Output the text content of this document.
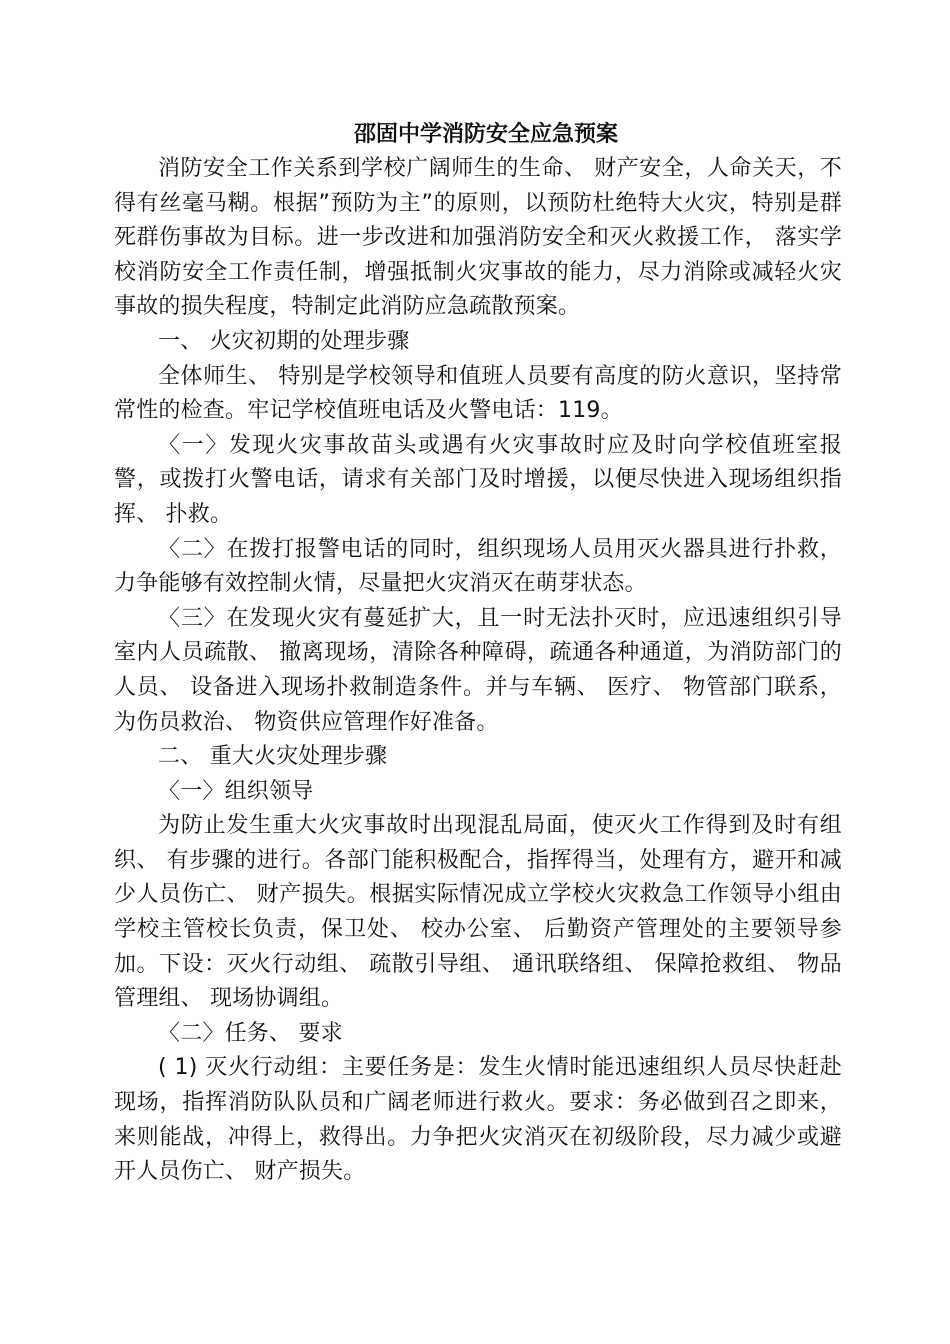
邵固中学消防安全应急预案

消防安全工作关系到学校广阔师生的生命、 财产安全，人命关天，不得有丝毫马糊。根据”预防为主”的原则，以预防杜绝特大火灾，特别是群死群伤事故为目标。进一步改进和加强消防安全和灭火救援工作， 落实学校消防安全工作责任制，增强抵制火灾事故的能力，尽力消除或减轻火灾事故的损失程度，特制定此消防应急疏散预案。

一、 火灾初期的处理步骤

全体师生、 特别是学校领导和值班人员要有高度的防火意识，坚持常常性的检查。牢记学校值班电话及火警电话：119。

〈一〉发现火灾事故苗头或遇有火灾事故时应及时向学校值班室报警，或拨打火警电话，请求有关部门及时增援，以便尽快进入现场组织指挥、 扑救。

〈二〉在拨打报警电话的同时，组织现场人员用灭火器具进行扑救， 力争能够有效控制火情，尽量把火灾消灭在萌芽状态。

〈三〉在发现火灾有蔓延扩大，且一时无法扑灭时，应迅速组织引导室内人员疏散、 撤离现场，清除各种障碍，疏通各种通道，为消防部门的人员、 设备进入现场扑救制造条件。并与车辆、 医疗、 物管部门联系，为伤员救治、 物资供应管理作好准备。

二、 重大火灾处理步骤

〈一〉组织领导

为防止发生重大火灾事故时出现混乱局面，使灭火工作得到及时有组织、 有步骤的进行。各部门能积极配合，指挥得当，处理有方，避开和减少人员伤亡、 财产损失。根据实际情况成立学校火灾救急工作领导小组由学校主管校长负责，保卫处、 校办公室、 后勤资产管理处的主要领导参加。下设：灭火行动组、 疏散引导组、 通讯联络组、 保障抢救组、 物品管理组、 现场协调组。

〈二〉任务、 要求

( 1) 灭火行动组：主要任务是：发生火情时能迅速组织人员尽快赶赴现场，指挥消防队队员和广阔老师进行救火。要求：务必做到召之即来，来则能战，冲得上，救得出。力争把火灾消灭在初级阶段，尽力减少或避开人员伤亡、 财产损失。
